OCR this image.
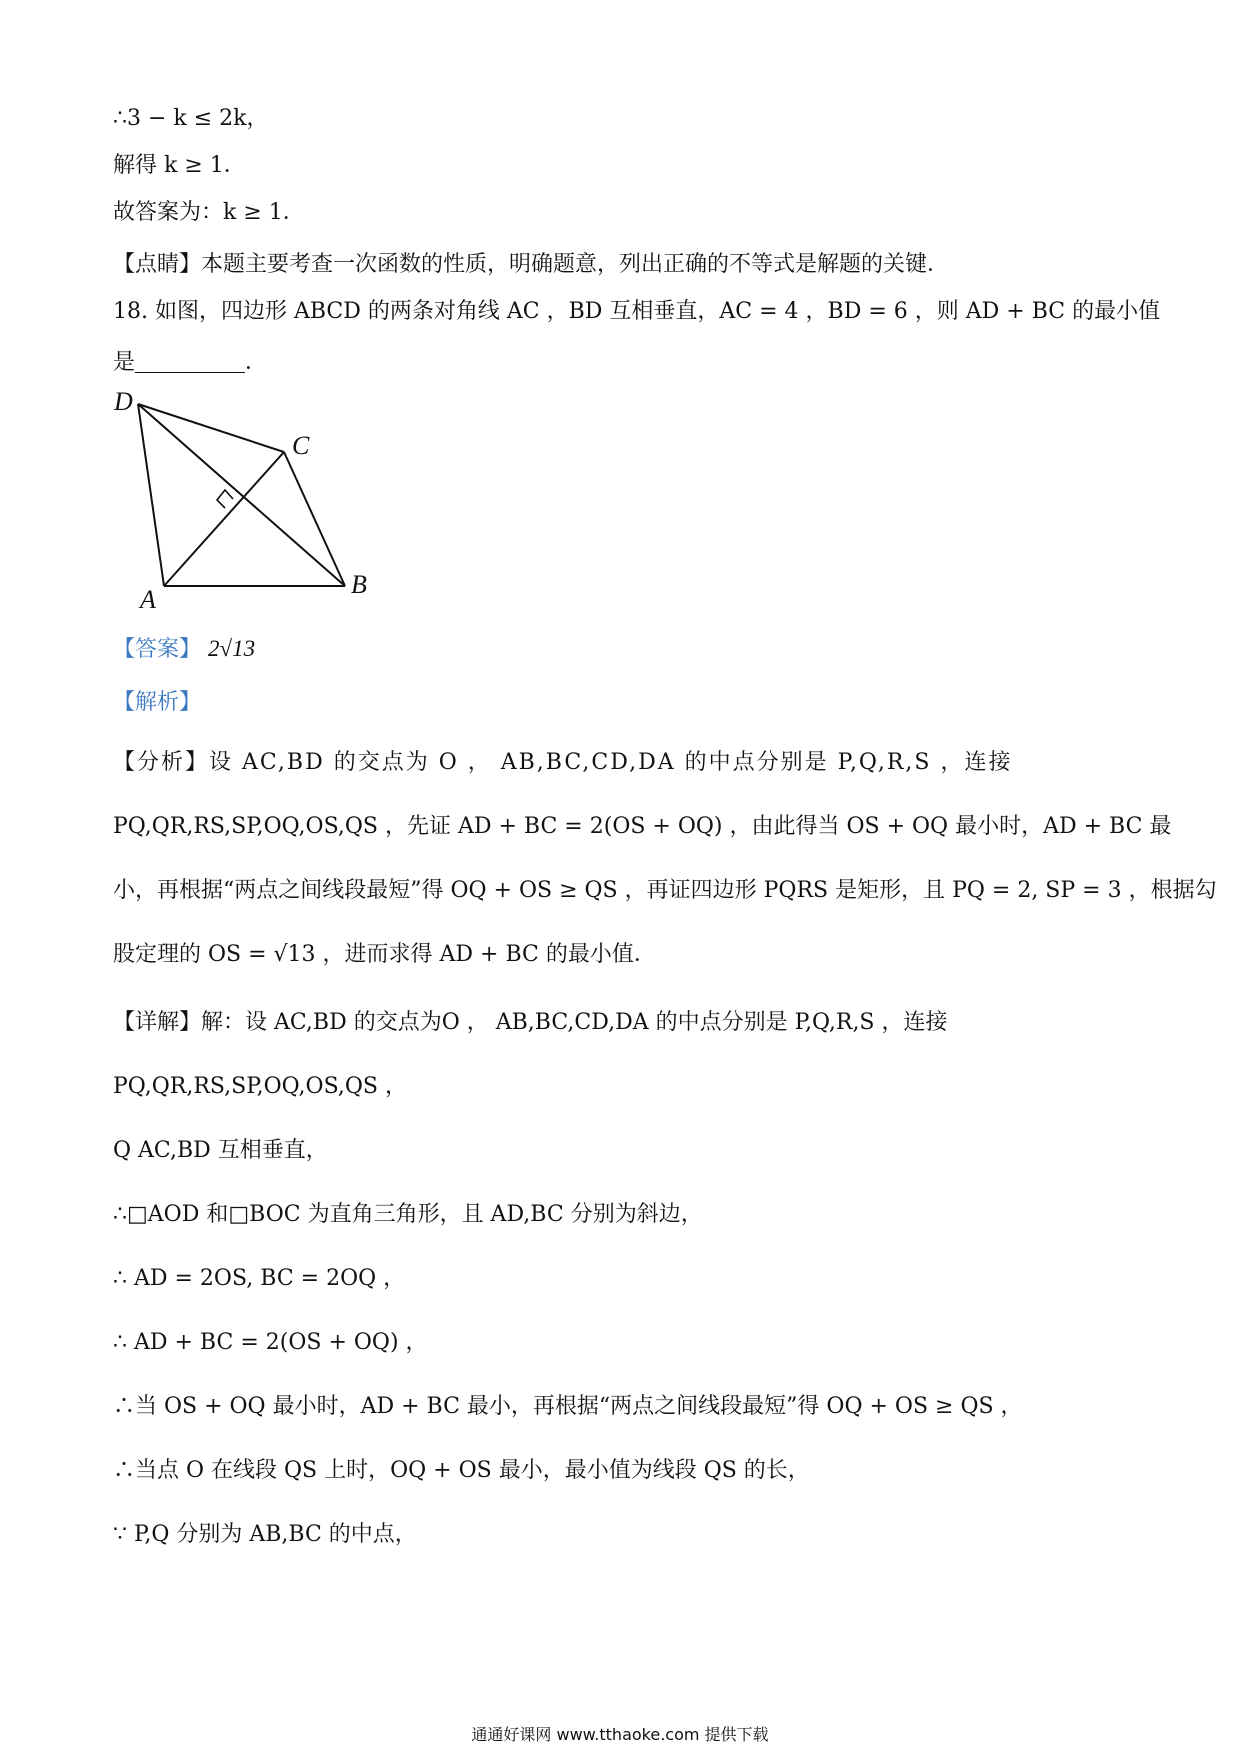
∴3 − k ≤ 2k，
解得 k ≥ 1．
故答案为：k ≥ 1．
【点睛】本题主要考查一次函数的性质，明确题意，列出正确的不等式是解题的关键．
18. 如图，四边形 ABCD 的两条对角线 AC ，BD 互相垂直，AC = 4 ，BD = 6 ，则 AD + BC 的最小值
是	．
D
C
A
B
【答案】 2√13
【解析】
【分析】设 AC,BD 的交点为 O ， AB,BC,CD,DA 的中点分别是 P,Q,R,S ，连接
PQ,QR,RS,SP,OQ,OS,QS ，先证 AD + BC = 2(OS + OQ) ，由此得当 OS + OQ 最小时，AD + BC 最
小，再根据“两点之间线段最短”得 OQ + OS ≥ QS ，再证四边形 PQRS 是矩形，且 PQ = 2, SP = 3 ，根据勾
股定理的 OS = √13 ，进而求得 AD + BC 的最小值．
【详解】解：设 AC,BD 的交点为O ， AB,BC,CD,DA 的中点分别是 P,Q,R,S ，连接
PQ,QR,RS,SP,OQ,OS,QS ，
Q AC,BD 互相垂直，
∴□AOD 和□BOC 为直角三角形，且 AD,BC 分别为斜边，
∴ AD = 2OS, BC = 2OQ ，
∴ AD + BC = 2(OS + OQ) ，
∴当 OS + OQ 最小时，AD + BC 最小，再根据“两点之间线段最短”得 OQ + OS ≥ QS ，
∴当点 O 在线段 QS 上时，OQ + OS 最小，最小值为线段 QS 的长，
∵ P,Q 分别为 AB,BC 的中点，
通通好课网 www.tthaoke.com 提供下载
